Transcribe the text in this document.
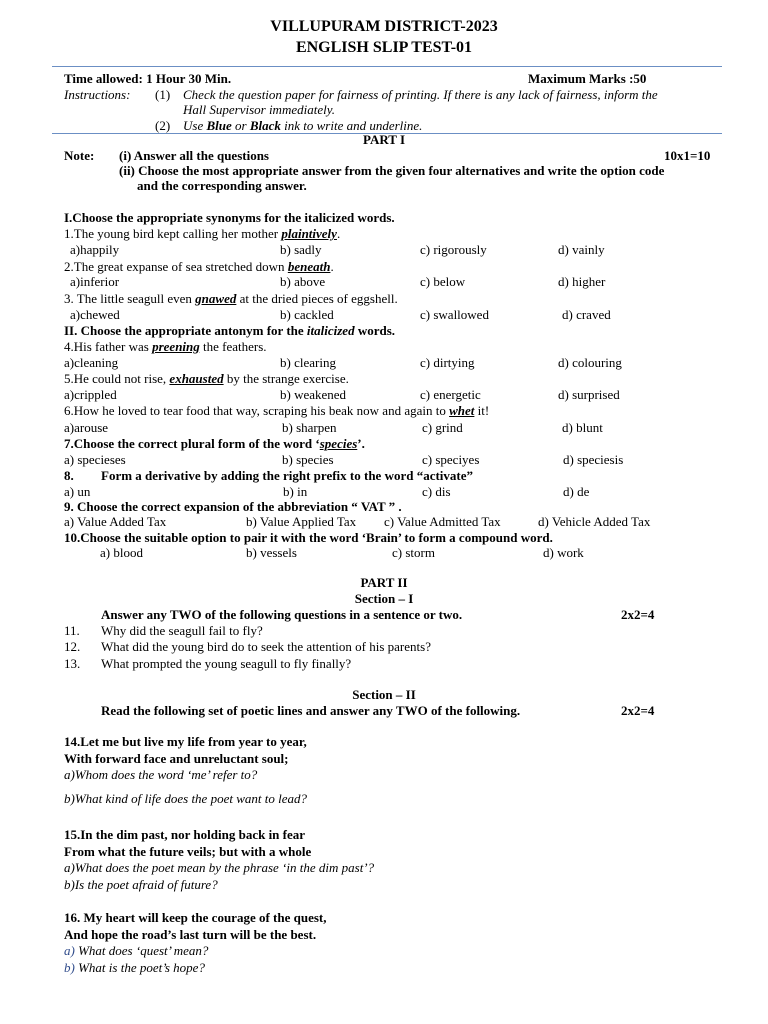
VILLUPURAM DISTRICT-2023
ENGLISH SLIP TEST-01
Time allowed: 1 Hour 30 Min.	Maximum Marks :50
Instructions: (1) Check the question paper for fairness of printing. If there is any lack of fairness, inform the
Hall Supervisor immediately.
(2) Use Blue or Black ink to write and underline.
PART I
Note: (i) Answer all the questions	10x1=10
(ii) Choose the most appropriate answer from the given four alternatives and write the option code
and the corresponding answer.
I.Choose the appropriate synonyms for the italicized words.
1.The young bird kept calling her mother plaintively.
a)happily	b) sadly	c) rigorously	d) vainly
2.The great expanse of sea stretched down beneath.
a)inferior	b) above	c) below	d) higher
3. The little seagull even gnawed at the dried pieces of eggshell.
a)chewed	b) cackled	c) swallowed	d) craved
II. Choose the appropriate antonym for the italicized words.
4.His father was preening the feathers.
a)cleaning	b) clearing	c) dirtying	d) colouring
5.He could not rise, exhausted by the strange exercise.
a)crippled	b) weakened	c) energetic	d) surprised
6.How he loved to tear food that way, scraping his beak now and again to whet it!
a)arouse	b) sharpen	c) grind	d) blunt
7.Choose the correct plural form of the word ‘species’.
a) specieses	b) species	c) speciyes	d) speciesis
8. Form a derivative by adding the right prefix to the word “activate”
a) un	b) in	c) dis	d) de
9. Choose the correct expansion of the abbreviation “ VAT ” .
a) Value Added Tax	b) Value Applied Tax c) Value Admitted Tax	d) Vehicle Added Tax
10.Choose the suitable option to pair it with the word ‘Brain’ to form a compound word.
a) blood	b) vessels	c) storm	d) work
PART II
Section – I
Answer any TWO of the following questions in a sentence or two.	2x2=4
11. Why did the seagull fail to fly?
12. What did the young bird do to seek the attention of his parents?
13. What prompted the young seagull to fly finally?
Section – II
Read the following set of poetic lines and answer any TWO of the following.	2x2=4
14.Let me but live my life from year to year,
With forward face and unreluctant soul;
a)Whom does the word ‘me’ refer to?
b)What kind of life does the poet want to lead?
15.In the dim past, nor holding back in fear
From what the future veils; but with a whole
a)What does the poet mean by the phrase ‘in the dim past’?
b)Is the poet afraid of future?
16. My heart will keep the courage of the quest,
And hope the road’s last turn will be the best.
a) What does ‘quest’ mean?
b) What is the poet’s hope?
